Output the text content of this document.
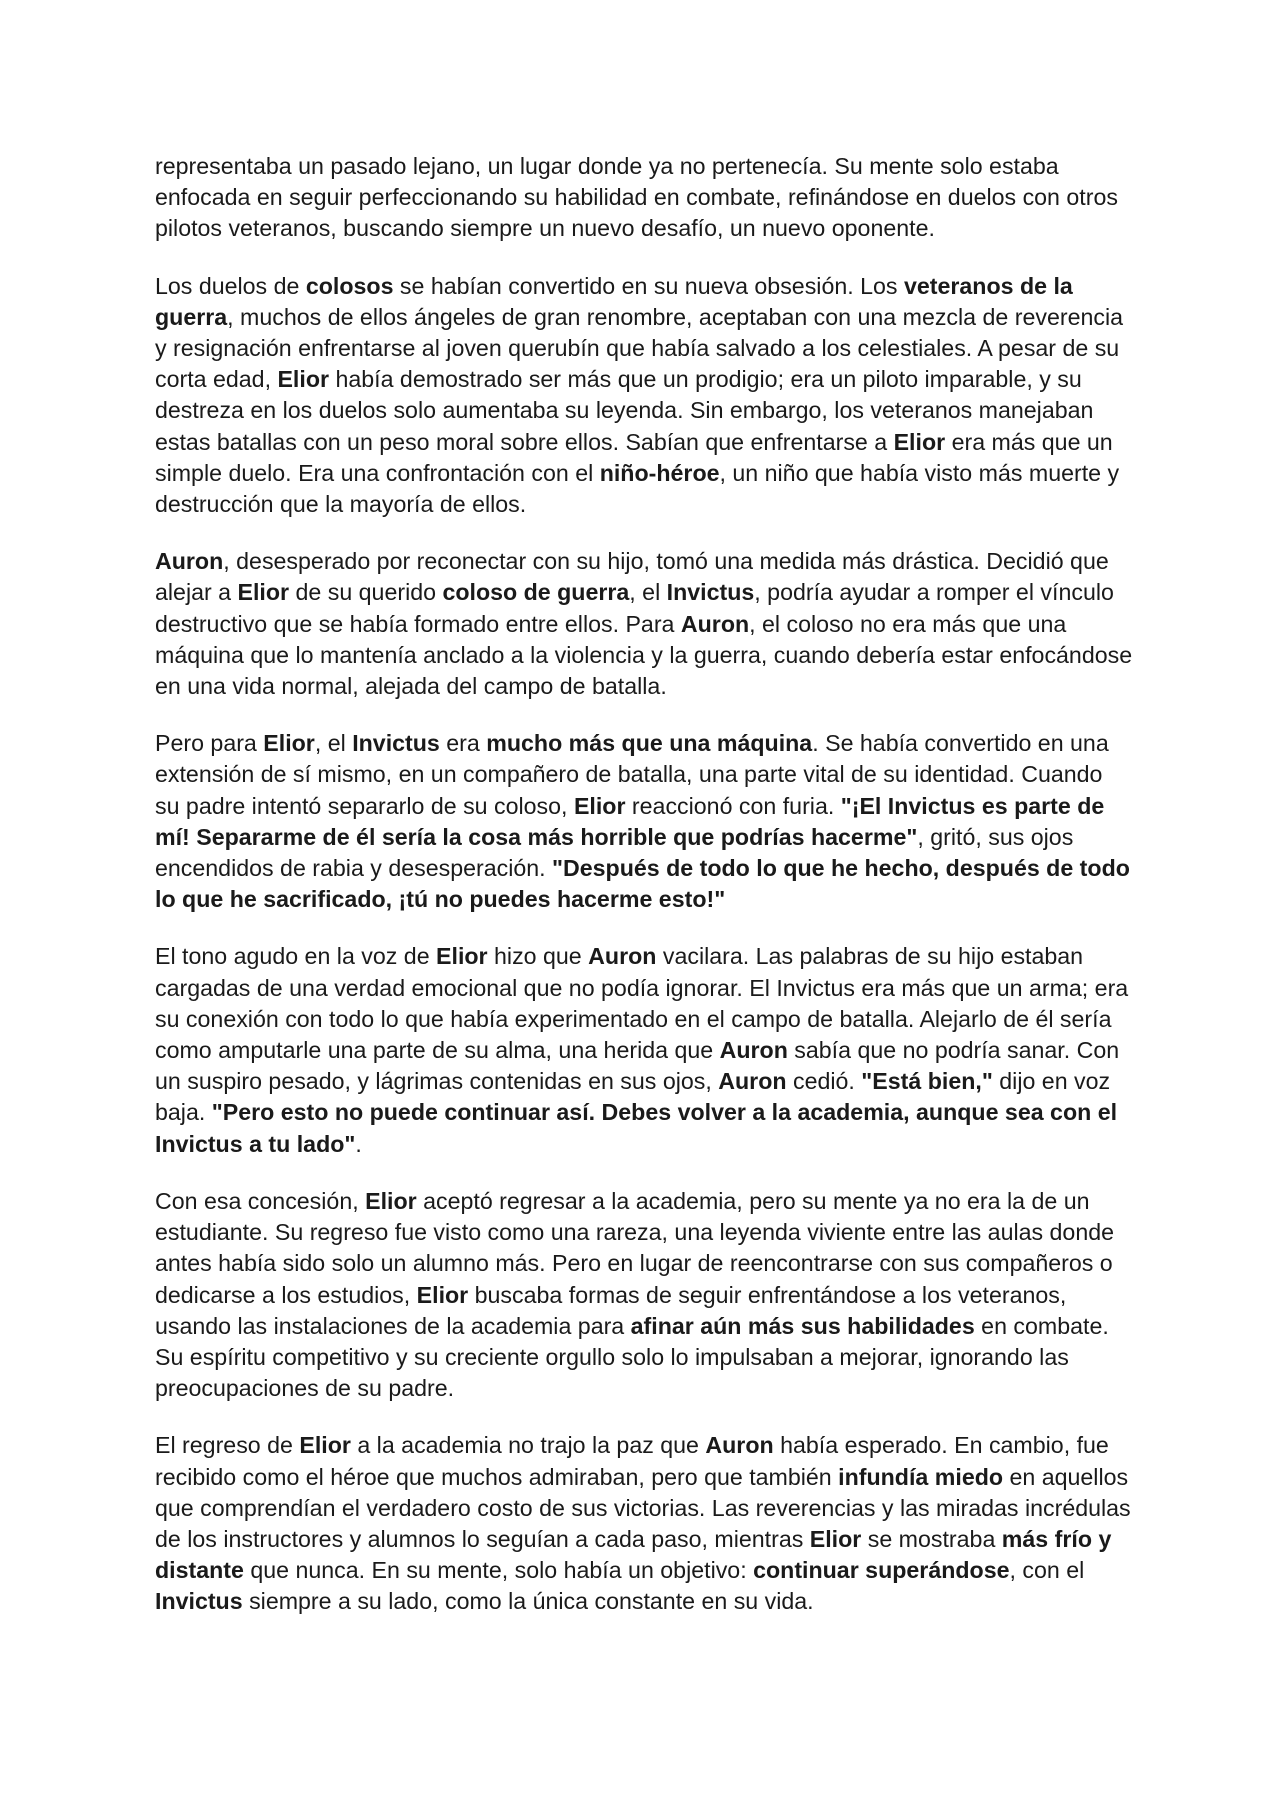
representaba un pasado lejano, un lugar donde ya no pertenecía. Su mente solo estaba enfocada en seguir perfeccionando su habilidad en combate, refinándose en duelos con otros pilotos veteranos, buscando siempre un nuevo desafío, un nuevo oponente.

Los duelos de colosos se habían convertido en su nueva obsesión. Los veteranos de la guerra, muchos de ellos ángeles de gran renombre, aceptaban con una mezcla de reverencia y resignación enfrentarse al joven querubín que había salvado a los celestiales. A pesar de su corta edad, Elior había demostrado ser más que un prodigio; era un piloto imparable, y su destreza en los duelos solo aumentaba su leyenda. Sin embargo, los veteranos manejaban estas batallas con un peso moral sobre ellos. Sabían que enfrentarse a Elior era más que un simple duelo. Era una confrontación con el niño-héroe, un niño que había visto más muerte y destrucción que la mayoría de ellos.

Auron, desesperado por reconectar con su hijo, tomó una medida más drástica. Decidió que alejar a Elior de su querido coloso de guerra, el Invictus, podría ayudar a romper el vínculo destructivo que se había formado entre ellos. Para Auron, el coloso no era más que una máquina que lo mantenía anclado a la violencia y la guerra, cuando debería estar enfocándose en una vida normal, alejada del campo de batalla.

Pero para Elior, el Invictus era mucho más que una máquina. Se había convertido en una extensión de sí mismo, en un compañero de batalla, una parte vital de su identidad. Cuando su padre intentó separarlo de su coloso, Elior reaccionó con furia. "¡El Invictus es parte de mí! Separarme de él sería la cosa más horrible que podrías hacerme", gritó, sus ojos encendidos de rabia y desesperación. "Después de todo lo que he hecho, después de todo lo que he sacrificado, ¡tú no puedes hacerme esto!"

El tono agudo en la voz de Elior hizo que Auron vacilara. Las palabras de su hijo estaban cargadas de una verdad emocional que no podía ignorar. El Invictus era más que un arma; era su conexión con todo lo que había experimentado en el campo de batalla. Alejarlo de él sería como amputarle una parte de su alma, una herida que Auron sabía que no podría sanar. Con un suspiro pesado, y lágrimas contenidas en sus ojos, Auron cedió. "Está bien," dijo en voz baja. "Pero esto no puede continuar así. Debes volver a la academia, aunque sea con el Invictus a tu lado".

Con esa concesión, Elior aceptó regresar a la academia, pero su mente ya no era la de un estudiante. Su regreso fue visto como una rareza, una leyenda viviente entre las aulas donde antes había sido solo un alumno más. Pero en lugar de reencontrarse con sus compañeros o dedicarse a los estudios, Elior buscaba formas de seguir enfrentándose a los veteranos, usando las instalaciones de la academia para afinar aún más sus habilidades en combate. Su espíritu competitivo y su creciente orgullo solo lo impulsaban a mejorar, ignorando las preocupaciones de su padre.

El regreso de Elior a la academia no trajo la paz que Auron había esperado. En cambio, fue recibido como el héroe que muchos admiraban, pero que también infundía miedo en aquellos que comprendían el verdadero costo de sus victorias. Las reverencias y las miradas incrédulas de los instructores y alumnos lo seguían a cada paso, mientras Elior se mostraba más frío y distante que nunca. En su mente, solo había un objetivo: continuar superándose, con el Invictus siempre a su lado, como la única constante en su vida.
